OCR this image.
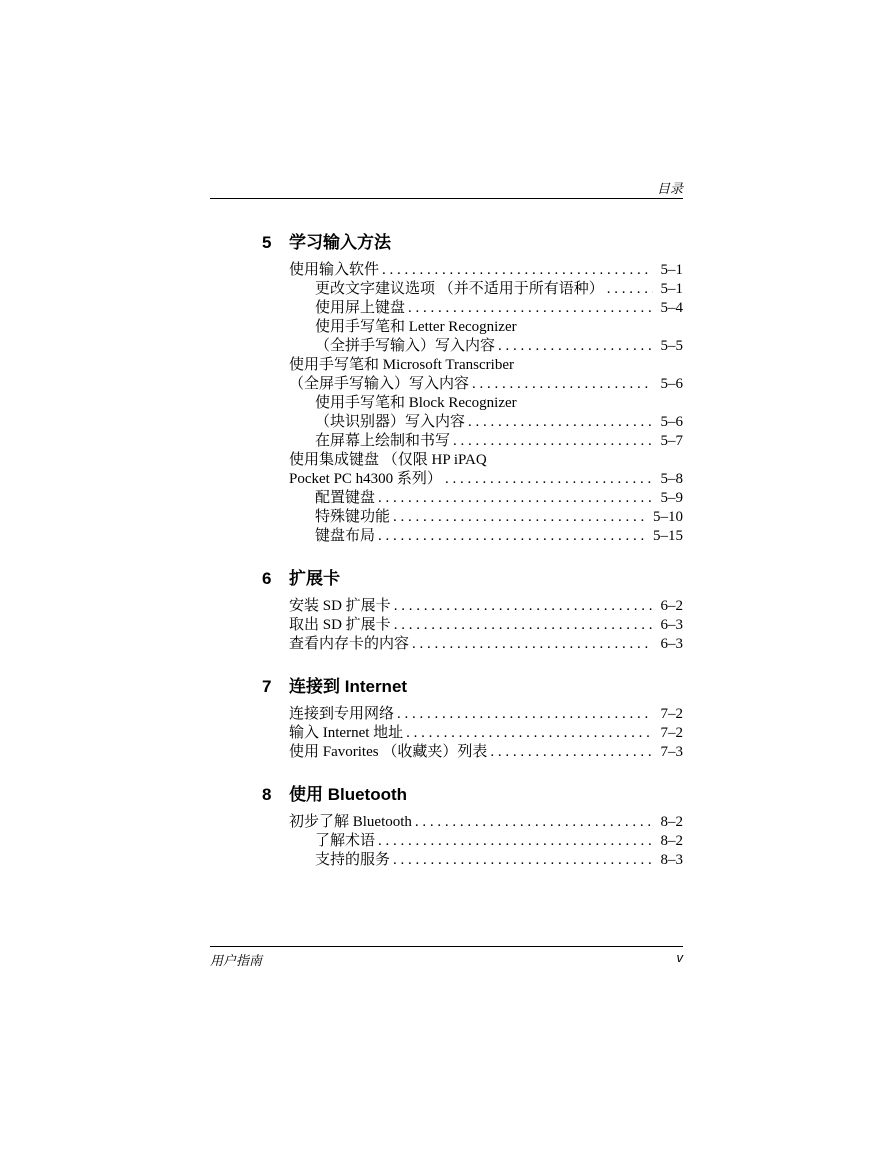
目录
5	学习输入方法
使用输入软件 . . .	5–1
更改文字建议选项 （并不适用于所有语种） . . .	5–1
使用屏上键盘 . . .	5–4
使用手写笔和 Letter Recognizer
（全拼手写输入）写入内容 . . .	5–5
使用手写笔和 Microsoft Transcriber
（全屏手写输入）写入内容 . . .	5–6
使用手写笔和 Block Recognizer
（块识别器）写入内容 . . .	5–6
在屏幕上绘制和书写 . . .	5–7
使用集成键盘 （仅限 HP iPAQ
Pocket PC h4300 系列） . . .	5–8
配置键盘 . . .	5–9
特殊键功能 . . .	5–10
键盘布局 . . .	5–15
6	扩展卡
安装 SD 扩展卡 . . .	6–2
取出 SD 扩展卡 . . .	6–3
查看内存卡的内容 . . .	6–3
7	连接到 Internet
连接到专用网络 . . .	7–2
输入 Internet 地址 . . .	7–2
使用 Favorites （收藏夹）列表 . . .	7–3
8	使用 Bluetooth
初步了解 Bluetooth . . .	8–2
了解术语 . . .	8–2
支持的服务 . . .	8–3
用户指南	v
